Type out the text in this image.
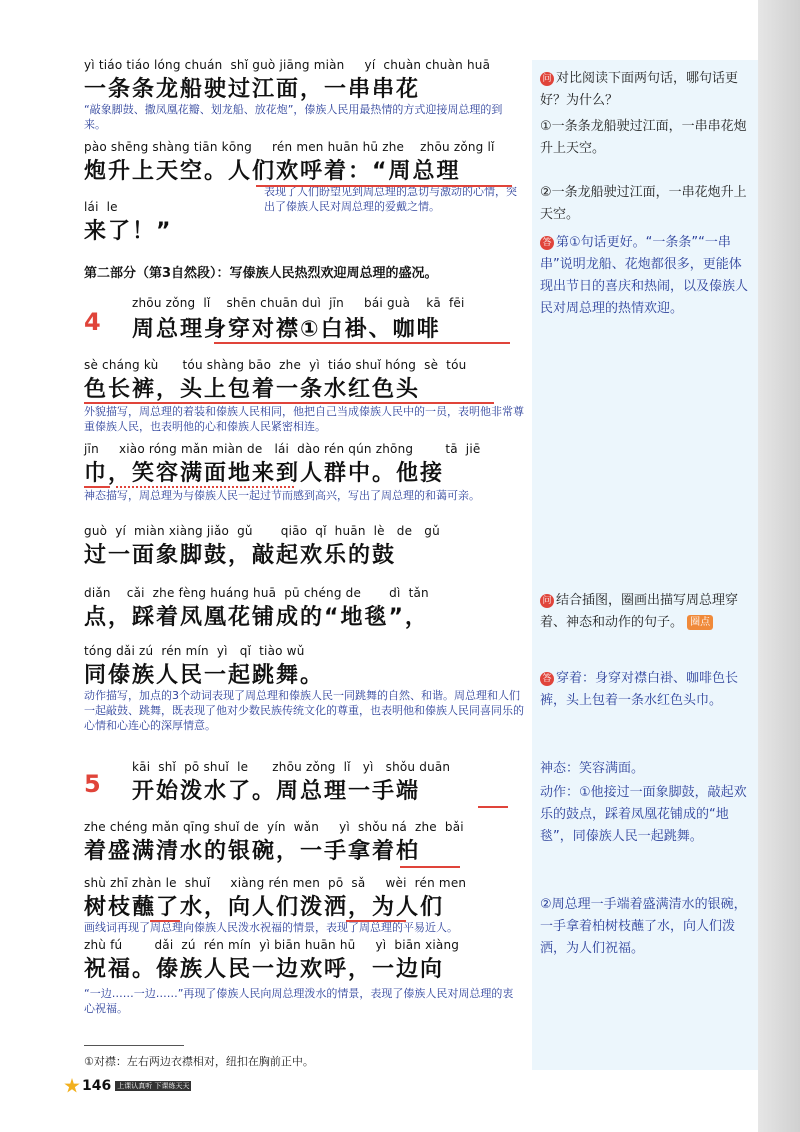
yì tiáo tiáo lóng chuán  shǐ guò jiāng miàn     yí  chuàn chuàn huā
一条条龙船驶过江面，一串串花
“敲象脚鼓、撒凤凰花瓣、划龙船、放花炮”，傣族人民用最热情的方式迎接周总理的到来。
pào shēng shàng tiān kōng     rén men huān hū zhe    zhōu zǒng lǐ
炮升上天空。人们欢呼着：“周总理
表现了人们盼望见到周总理的急切与激动的心情，突出了傣族人民对周总理的爱戴之情。
lái  le
来了！”
zhōu zǒng  lǐ    shēn chuān duì  jīn     bái guà    kā  fēi
周总理身穿对襟①白褂、咖啡
sè cháng kù      tóu shàng bāo  zhe  yì  tiáo shuǐ hóng  sè  tóu
色长裤，头上包着一条水红色头
外貌描写，周总理的着装和傣族人民相同，他把自己当成傣族人民中的一员，表明他非常尊重傣族人民，也表明他的心和傣族人民紧密相连。
jīn     xiào róng mǎn miàn de   lái  dào rén qún zhōng        tā  jiē
巾，笑容满面地来到人群中。他接
神态描写，周总理为与傣族人民一起过节而感到高兴，写出了周总理的和蔼可亲。
guò  yí  miàn xiàng jiǎo  gǔ       qiāo  qǐ  huān  lè   de   gǔ
过一面象脚鼓，敲起欢乐的鼓
diǎn    cǎi  zhe fèng huáng huā  pū chéng de       dì  tǎn
点，踩着凤凰花铺成的“地毯”，
tóng dǎi zú  rén mín  yì   qǐ  tiào wǔ
同傣族人民一起跳舞。
动作描写，加点的3个动词表现了周总理和傣族人民一同跳舞的自然、和谐。周总理和人们一起敲鼓、跳舞，既表现了他对少数民族传统文化的尊重，也表明他和傣族人民同喜同乐的心情和心连心的深厚情意。
kāi  shǐ  pō shuǐ  le      zhōu zǒng  lǐ   yì   shǒu duān
开始泼水了。周总理一手端
zhe chéng mǎn qīng shuǐ de  yín  wǎn     yì  shǒu ná  zhe  bǎi
着盛满清水的银碗，一手拿着柏
shù zhī zhàn le  shuǐ     xiàng rén men  pō  sǎ     wèi  rén men
树枝蘸了水，向人们泼洒，为人们
画线词再现了周总理向傣族人民泼水祝福的情景，表现了周总理的平易近人。
zhù fú        dǎi  zú  rén mín  yì biān huān hū     yì  biān xiàng
祝福。傣族人民一边欢呼，一边向
“一边……一边……”再现了傣族人民向周总理泼水的情景，表现了傣族人民对周总理的衷心祝福。
第二部分（第3自然段）：写傣族人民热烈欢迎周总理的盛况。
4
5
问 对比阅读下面两句话，哪句话更好？为什么？
①一条条龙船驶过江面，一串串花炮升上天空。
②一条龙船驶过江面，一串花炮升上天空。
答 第①句话更好。“一条条”“一串串”说明龙船、花炮都很多，更能体现出节日的喜庆和热闹，以及傣族人民对周总理的热情欢迎。
问 结合插图，圈画出描写周总理穿着、神态和动作的句子。 圈点
答 穿着：身穿对襟白褂、咖啡色长裤，头上包着一条水红色头巾。
神态：笑容满面。
动作：①他接过一面象脚鼓，敲起欢乐的鼓点，踩着凤凰花铺成的“地毯”，同傣族人民一起跳舞。
②周总理一手端着盛满清水的银碗，一手拿着柏树枝蘸了水，向人们泼洒，为人们祝福。
①对襟：左右两边衣襟相对，纽扣在胸前正中。
146 上课认真听 下课练天天
